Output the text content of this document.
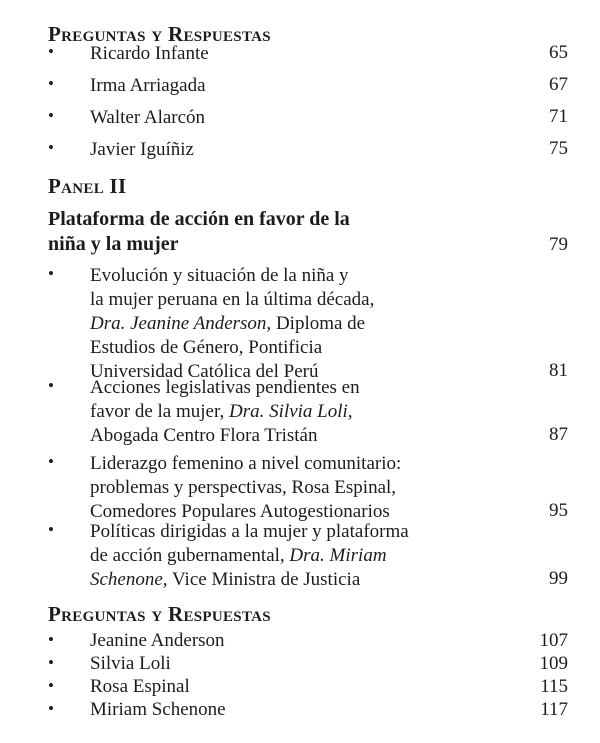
Preguntas y Respuestas
• Ricardo Infante	65
• Irma Arriagada	67
• Walter Alarcón	71
• Javier Iguíñiz	75
Panel II
Plataforma de acción en favor de la
niña y la mujer	79
• Evolución y situación de la niña y
la mujer peruana en la última década,
Dra. Jeanine Anderson, Diploma de
Estudios de Género, Pontificia
Universidad Católica del Perú	81
• Acciones legislativas pendientes en
favor de la mujer, Dra. Silvia Loli,
Abogada Centro Flora Tristán	87
• Liderazgo femenino a nivel comunitario:
problemas y perspectivas, Rosa Espinal,
Comedores Populares Autogestionarios	95
• Políticas dirigidas a la mujer y plataforma
de acción gubernamental, Dra. Miriam
Schenone, Vice Ministra de Justicia	99
Preguntas y Respuestas
• Jeanine Anderson	107
• Silvia Loli	109
• Rosa Espinal	115
• Miriam Schenone	117
